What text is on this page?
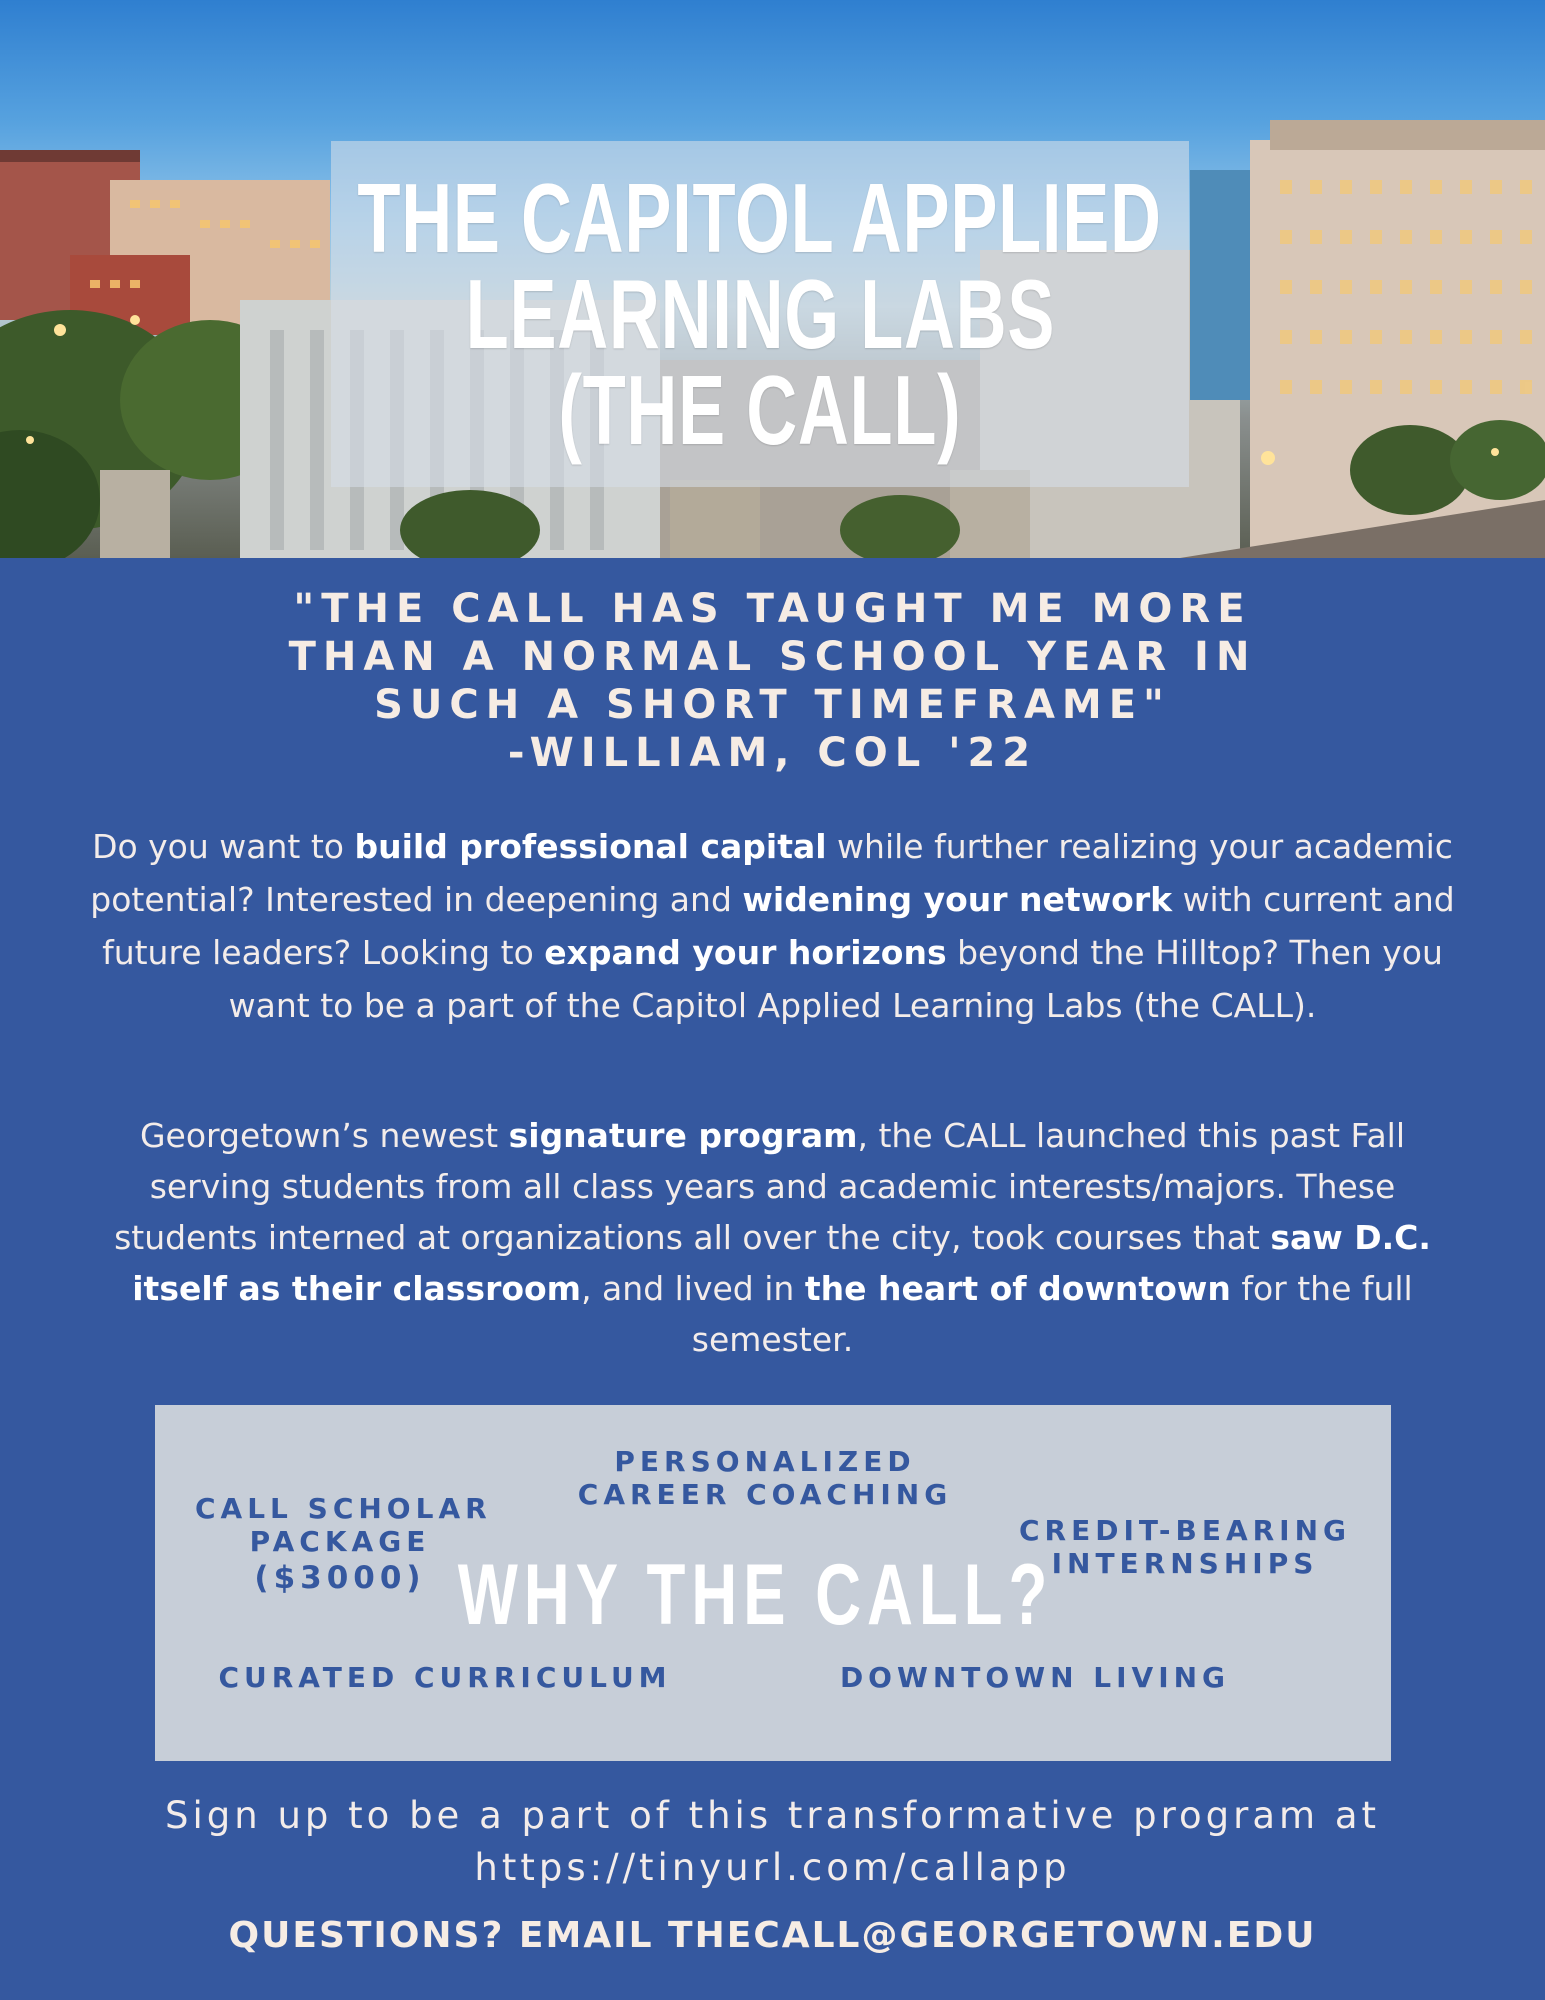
THE CAPITOL APPLIED
LEARNING LABS
(THE CALL)
"THE CALL HAS TAUGHT ME MORE
THAN A NORMAL SCHOOL YEAR IN
SUCH A SHORT TIMEFRAME"
-WILLIAM, COL '22

Do you want to build professional capital while further realizing your academic potential? Interested in deepening and widening your network with current and future leaders? Looking to expand your horizons beyond the Hilltop? Then you want to be a part of the Capitol Applied Learning Labs (the CALL).

Georgetown’s newest signature program, the CALL launched this past Fall serving students from all class years and academic interests/majors. These students interned at organizations all over the city, took courses that saw D.C. itself as their classroom, and lived in the heart of downtown for the full semester.

CALL SCHOLAR
PACKAGE
($3000)
PERSONALIZED
CAREER COACHING
CREDIT-BEARING
INTERNSHIPS
WHY THE CALL?
CURATED CURRICULUM	DOWNTOWN LIVING
Sign up to be a part of this transformative program at
https://tinyurl.com/callapp
QUESTIONS? EMAIL THECALL@GEORGETOWN.EDU
